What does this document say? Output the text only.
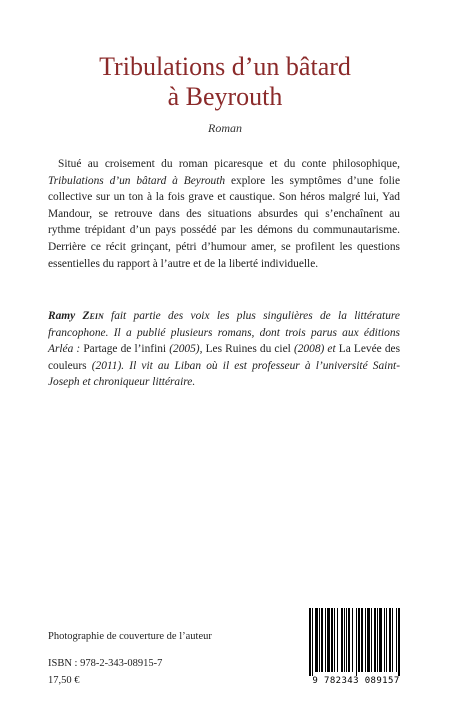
Tribulations d’un bâtard
à Beyrouth
Roman

Situé au croisement du roman picaresque et du conte philosophique, Tribulations d’un bâtard à Beyrouth explore les symptômes d’une folie collective sur un ton à la fois grave et caustique. Son héros malgré lui, Yad Mandour, se retrouve dans des situations absurdes qui s’enchaînent au rythme trépidant d’un pays possédé par les démons du communautarisme. Derrière ce récit grinçant, pétri d’humour amer, se profilent les questions essentielles du rapport à l’autre et de la liberté individuelle.

Ramy Zein fait partie des voix les plus singulières de la littérature francophone. Il a publié plusieurs romans, dont trois parus aux éditions Arléa : Partage de l’infini (2005), Les Ruines du ciel (2008) et La Levée des couleurs (2011). Il vit au Liban où il est professeur à l’université Saint-Joseph et chroniqueur littéraire.

Photographie de couverture de l’auteur
ISBN : 978-2-343-08915-7
17,50 €	9 782343 089157
